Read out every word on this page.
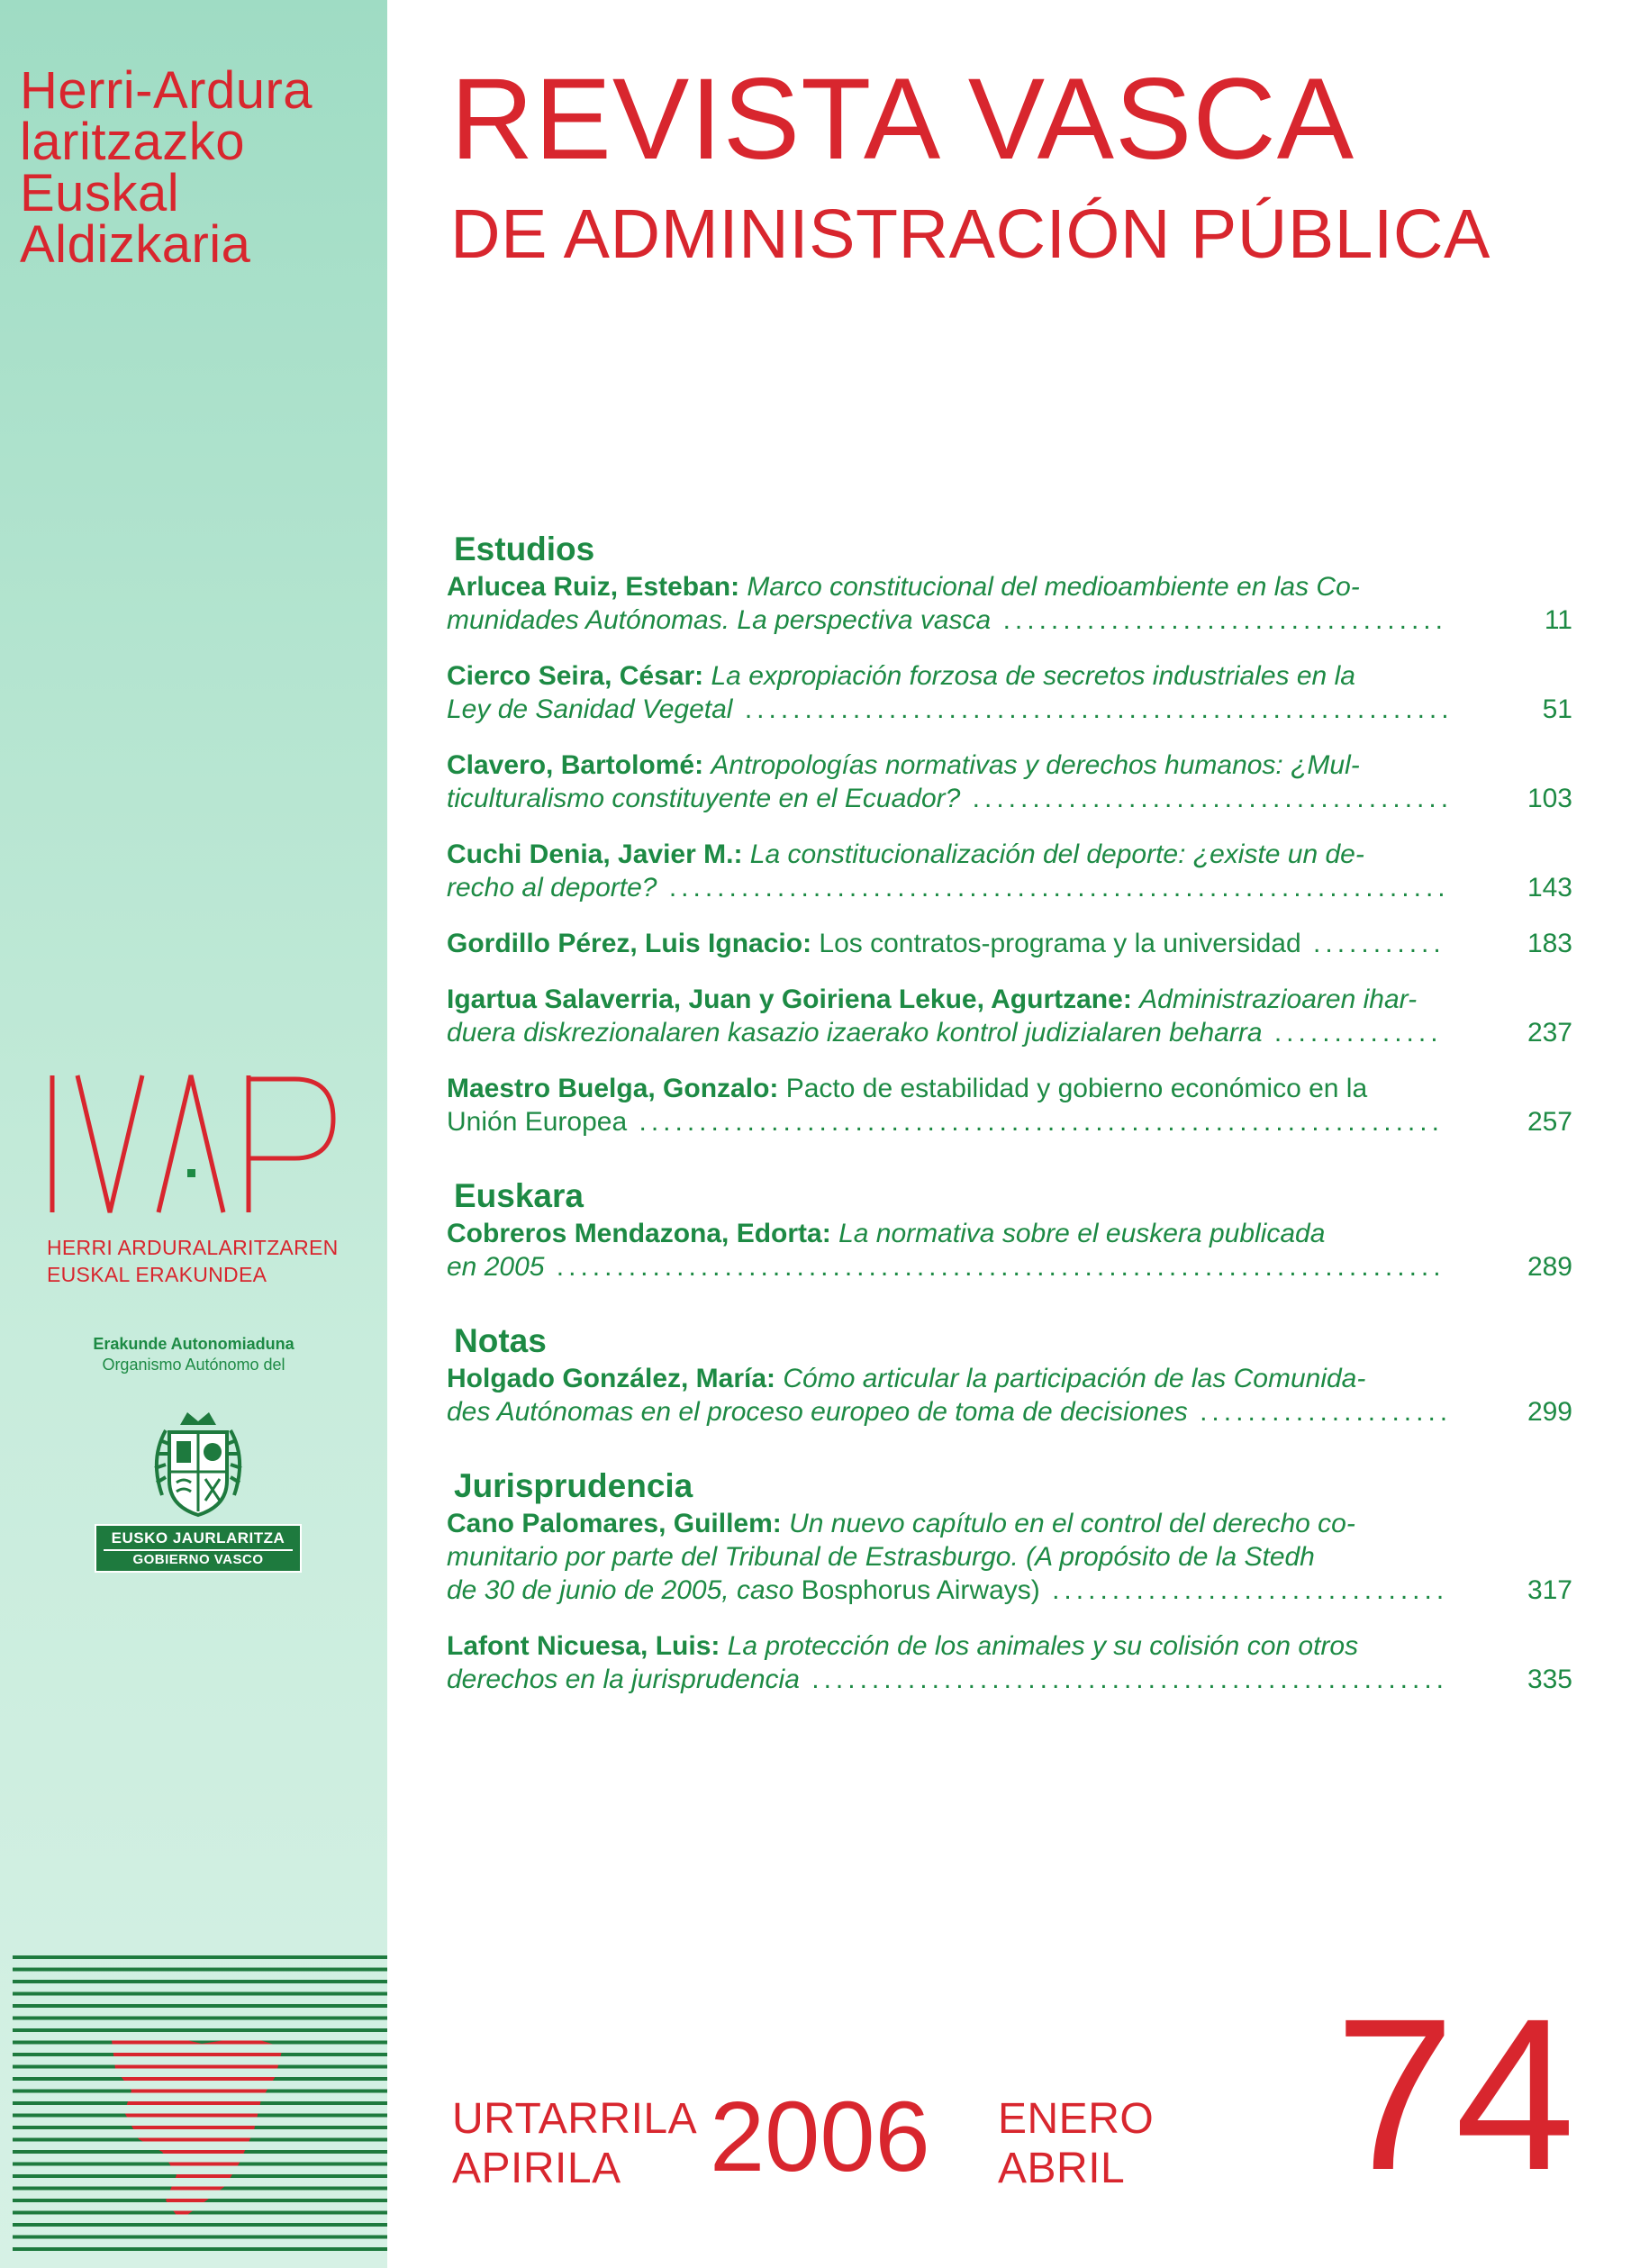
Herri-Ardura
laritzazko
Euskal
Aldizkaria
HERRI ARDURALARITZAREN
EUSKAL ERAKUNDEA
Erakunde Autonomiaduna
Organismo Autónomo del
EUSKO JAURLARITZA
GOBIERNO VASCO
REVISTA VASCA
DE ADMINISTRACIÓN PÚBLICA
Estudios
Arlucea Ruiz, Esteban: Marco constitucional del medioambiente en las Co-
munidades Autónomas. La perspectiva vasca .....................................	11
Cierco Seira, César: La expropiación forzosa de secretos industriales en la
Ley de Sanidad Vegetal ...........................................................	51
Clavero, Bartolomé: Antropologías normativas y derechos humanos: ¿Mul-
ticulturalismo constituyente en el Ecuador? ........................................	103
Cuchi Denia, Javier M.: La constitucionalización del deporte: ¿existe un de-
recho al deporte? .................................................................	143
Gordillo Pérez, Luis Ignacio: Los contratos-programa y la universidad ...........	183
Igartua Salaverria, Juan y Goiriena Lekue, Agurtzane: Administrazioaren ihar-
duera diskrezionalaren kasazio izaerako kontrol judizialaren beharra ..............	237
Maestro Buelga, Gonzalo: Pacto de estabilidad y gobierno económico en la
Unión Europea ...................................................................	257
Euskara
Cobreros Mendazona, Edorta: La normativa sobre el euskera publicada
en 2005 ..........................................................................	289
Notas
Holgado González, María: Cómo articular la participación de las Comunida-
des Autónomas en el proceso europeo de toma de decisiones .....................	299
Jurisprudencia
Cano Palomares, Guillem: Un nuevo capítulo en el control del derecho co-
munitario por parte del Tribunal de Estrasburgo. (A propósito de la Stedh
de 30 de junio de 2005, caso Bosphorus Airways) .................................	317
Lafont Nicuesa, Luis: La protección de los animales y su colisión con otros
derechos en la jurisprudencia .....................................................	335
URTARRILA
APIRILA 2006 ENERO
ABRIL 74
